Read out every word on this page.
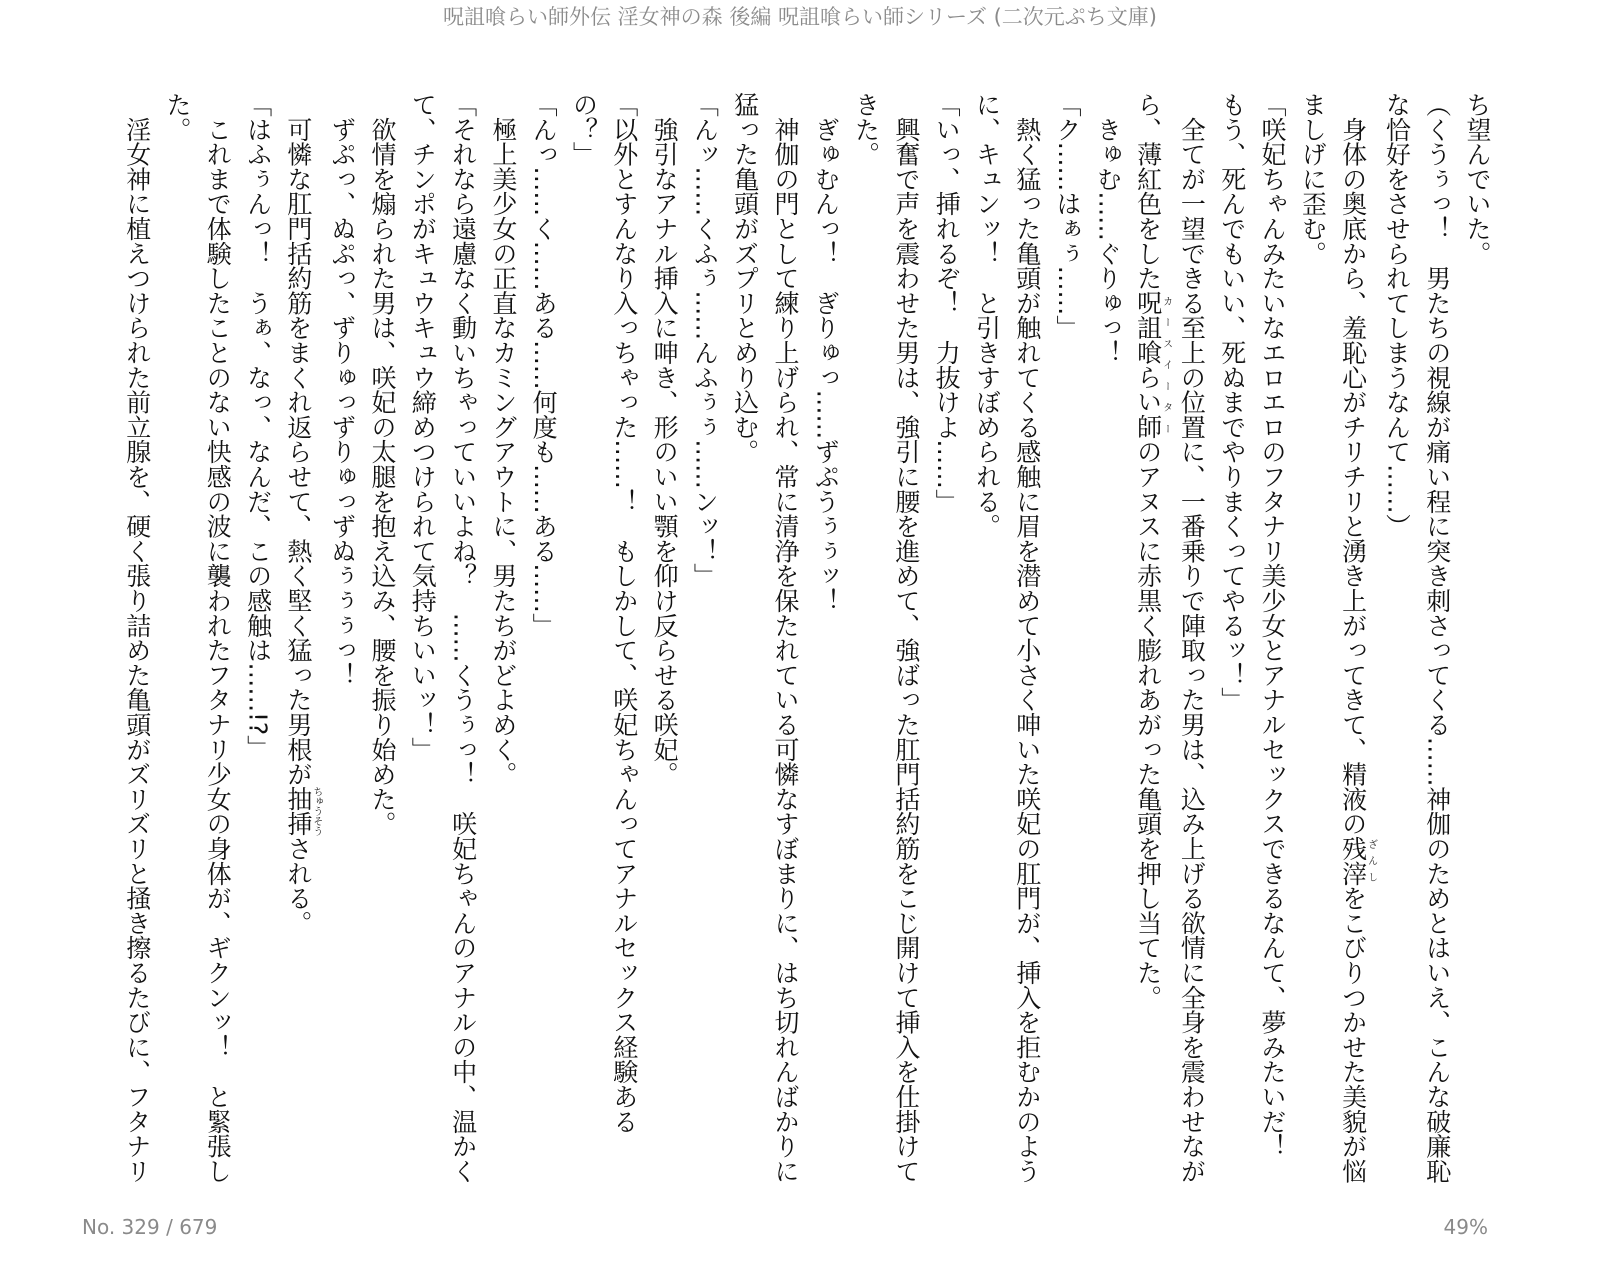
呪詛喰らい師外伝 淫女神の森 後編 呪詛喰らい師シリーズ (二次元ぷち文庫)
ち望んでいた。
（くうぅっ！　男たちの視線が痛い程に突き刺さってくる……神伽のためとはいえ、こんな破廉恥
な恰好をさせられてしまうなんて……）
　身体の奥底から、羞恥心がチリチリと湧き上がってきて、精液の残滓ざんしをこびりつかせた美貌が悩
ましげに歪む。
「咲妃ちゃんみたいなエロエロのフタナリ美少女とアナルセックスできるなんて、夢みたいだ！
もう、死んでもいい、死ぬまでやりまくってやるッ！」
　全てが一望できる至上の位置に、一番乗りで陣取った男は、込み上げる欲情に全身を震わせなが
ら、薄紅色をした呪詛喰らい師カースイーターのアヌスに赤黒く膨れあがった亀頭を押し当てた。
　きゅむ……ぐりゅっ！
「ク……はぁぅ……」
　熱く猛った亀頭が触れてくる感触に眉を潜めて小さく呻いた咲妃の肛門が、挿入を拒むかのよう
に、キュンッ！　と引きすぼめられる。
「いっ、挿れるぞ！　力抜けよ……」
　興奮で声を震わせた男は、強引に腰を進めて、強ばった肛門括約筋をこじ開けて挿入を仕掛けて
きた。
　ぎゅむんっ！　ぎりゅっ……ずぷうぅぅッ！
　神伽の門として練り上げられ、常に清浄を保たれている可憐なすぼまりに、はち切れんばかりに
猛った亀頭がズプリとめり込む。
「んッ……くふぅ……んふぅぅ……ンッ！」
　強引なアナル挿入に呻き、形のいい顎を仰け反らせる咲妃。
「以外とすんなり入っちゃった……！　もしかして、咲妃ちゃんってアナルセックス経験ある
の？」
「んっ……く……ある……何度も……ある……」
　極上美少女の正直なカミングアウトに、男たちがどよめく。
「それなら遠慮なく動いちゃっていいよね？　……くうぅっ！　咲妃ちゃんのアナルの中、温かく
て、チンポがキュウキュウ締めつけられて気持ちいいッ！」
　欲情を煽られた男は、咲妃の太腿を抱え込み、腰を振り始めた。
　ずぷっ、ぬぷっ、ずりゅっずりゅっずぬぅぅぅっ！
　可憐な肛門括約筋をまくれ返らせて、熱く堅く猛った男根が抽挿ちゅうそうされる。
「はふぅんっ！　うぁ、なっ、なんだ、この感触は……!?」
　これまで体験したことのない快感の波に襲われたフタナリ少女の身体が、ギクンッ！　と緊張し
た。
　淫女神に植えつけられた前立腺を、硬く張り詰めた亀頭がズリズリと掻き擦るたびに、フタナリ
No. 329 / 679	49%
